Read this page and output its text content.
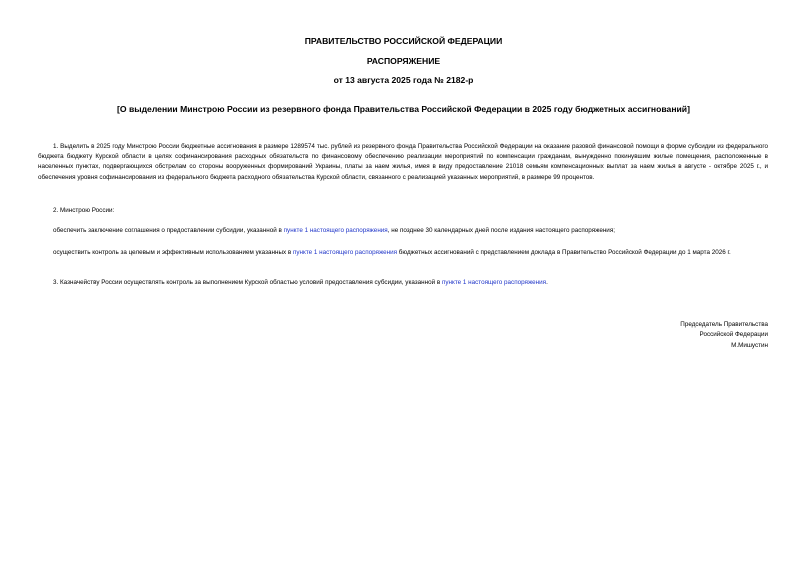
ПРАВИТЕЛЬСТВО РОССИЙСКОЙ ФЕДЕРАЦИИ
РАСПОРЯЖЕНИЕ
от 13 августа 2025 года № 2182-р
[О выделении Минстрою России из резервного фонда Правительства Российской Федерации в 2025 году бюджетных ассигнований]
1. Выделить в 2025 году Минстрою России бюджетные ассигнования в размере 1289574 тыс. рублей из резервного фонда Правительства Российской Федерации на оказание разовой финансовой помощи в форме субсидии из федерального бюджета бюджету Курской области в целях софинансирования расходных обязательств по финансовому обеспечению реализации мероприятий по компенсации гражданам, вынужденно покинувшим жилые помещения, расположенные в населенных пунктах, подвергающихся обстрелам со стороны вооруженных формирований Украины, платы за наем жилья, имея в виду предоставление 21018 семьям компенсационных выплат за наем жилья в августе - октябре 2025 г., и обеспечения уровня софинансирования из федерального бюджета расходного обязательства Курской области, связанного с реализацией указанных мероприятий, в размере 99 процентов.
2. Минстрою России:
обеспечить заключение соглашения о предоставлении субсидии, указанной в пункте 1 настоящего распоряжения, не позднее 30 календарных дней после издания настоящего распоряжения;
осуществить контроль за целевым и эффективным использованием указанных в пункте 1 настоящего распоряжения бюджетных ассигнований с представлением доклада в Правительство Российской Федерации до 1 марта 2026 г.
3. Казначейству России осуществлять контроль за выполнением Курской областью условий предоставления субсидии, указанной в пункте 1 настоящего распоряжения.
Председатель Правительства
Российской Федерации
М.Мишустин
